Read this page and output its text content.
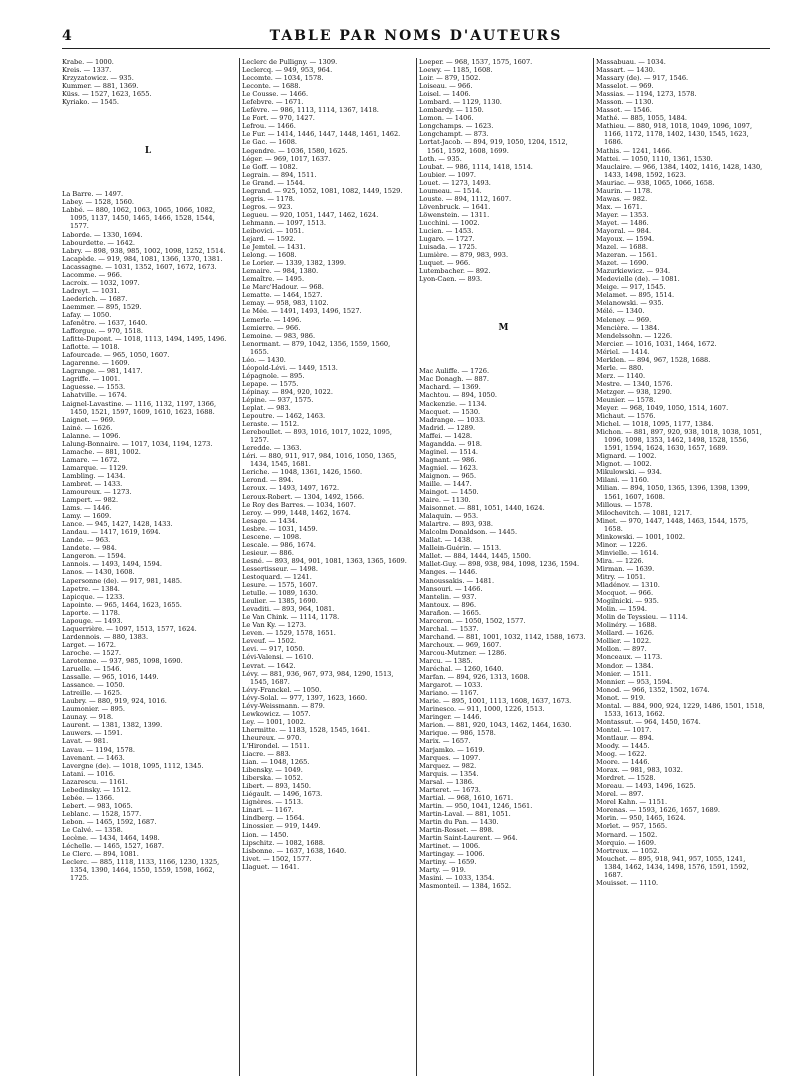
4	TABLE PAR NOMS D'AUTEURS

Krabe. — 1000.

Kreis. — 1337.

Krzyzatowicz. — 935.

Kummer. — 881, 1369.

Küss. — 1527, 1623, 1655.

Kyriako. — 1545.

L

La Barre. — 1497.

Labey. — 1528, 1560.

Labbé. — 880, 1062, 1063, 1065, 1066, 1082, 1095, 1137, 1450, 1465, 1466, 1528, 1544, 1577.

Laborde. — 1330, 1694.

Labourdette. — 1642.

Labry. — 898, 938, 985, 1002, 1098, 1252, 1514.

Lacapède. — 919, 984, 1081, 1366, 1370, 1381.

Lacassagne. — 1031, 1352, 1607, 1672, 1673.

Lacomme. — 966.

Lacroix. — 1032, 1097.

Ladreyt. — 1031.

Laederich. — 1687.

Laemmer. — 895, 1529.

Lafay. — 1050.

Lafenêtre. — 1637, 1640.

Lafforgue. — 970, 1518.

Lafitte-Dupont. — 1018, 1113, 1494, 1495, 1496.

Laflotte. — 1018.

Lafourcade. — 965, 1050, 1607.

Lagarenne. — 1609.

Lagrange. — 981, 1417.

Lagriffe. — 1001.

Laguesse. — 1553.

Lahatville. — 1674.

Laignel-Lavastine. — 1116, 1132, 1197, 1366, 1450, 1521, 1597, 1609, 1610, 1623, 1688.

Laignet. — 969.

Lainé. — 1626.

Lalanne. — 1096.

Lalung-Bonnaire. — 1017, 1034, 1194, 1273.

Lamache. — 881, 1002.

Lamare. — 1672.

Lamarque. — 1129.

Lambling. — 1434.

Lambret. — 1433.

Lamoureux. — 1273.

Lampert. — 982.

Lams. — 1446.

Lamy. — 1609.

Lance. — 945, 1427, 1428, 1433.

Landau. — 1417, 1619, 1694.

Lande. — 963.

Landete. — 984.

Langeron. — 1594.

Lannois. — 1493, 1494, 1594.

Lanos. — 1430, 1608.

Lapersonne (de). — 917, 981, 1485.

Lapetre. — 1384.

Lapicque. — 1233.

Lapointe. — 965, 1464, 1623, 1655.

Laporte. — 1178.

Lapouge. — 1493.

Laquerrière. — 1097, 1513, 1577, 1624.

Lardennois. — 880, 1383.

Larget. — 1672.

Laroche. — 1527.

Larotenne. — 937, 985, 1098, 1690.

Laruelle. — 1546.

Lassalle. — 965, 1016, 1449.

Lassance. — 1050.

Latreille. — 1625.

Laubry. — 880, 919, 924, 1016.

Laumonier. — 895.

Launay. — 918.

Laurent. — 1381, 1382, 1399.

Lauwers. — 1591.

Lavat. — 981.

Lavau. — 1194, 1578.

Lavenant. — 1463.

Lavergne (de). — 1018, 1095, 1112, 1345.

Latani. — 1016.

Lazarescu. — 1161.

Lebedinsky. — 1512.

Lebée. — 1366.

Lebert. — 983, 1065.

Leblanc. — 1528, 1577.

Lebon. — 1465, 1592, 1687.

Le Calvé. — 1358.

Lecène. — 1434, 1464, 1498.

Léchelle. — 1465, 1527, 1687.

Le Clerc. — 894, 1081.

Leclerc. — 885, 1118, 1133, 1166, 1230, 1325, 1354, 1390, 1464, 1550, 1559, 1598, 1662, 1725.

Leclerc de Pulligny. — 1309.

Leclercq. — 949, 953, 964.

Lecomte. — 1034, 1578.

Leconte. — 1688.

Le Cousse. — 1466.

Lefebvre. — 1671.

Lefèvre. — 986, 1113, 1114, 1367, 1418.

Le Fort. — 970, 1427.

Lefrou. — 1466.

Le Fur. — 1414, 1446, 1447, 1448, 1461, 1462.

Le Gac. — 1608.

Legendre. — 1036, 1580, 1625.

Léger. — 969, 1017, 1637.

Le Goff. — 1082.

Legrain. — 894, 1511.

Le Grand. — 1544.

Legrand. — 925, 1052, 1081, 1082, 1449, 1529.

Legris. — 1178.

Legros. — 923.

Legueu. — 920, 1051, 1447, 1462, 1624.

Lehmann. — 1097, 1513.

Leibovici. — 1051.

Lejard. — 1592.

Le Jemtel. — 1431.

Lelong. — 1608.

Le Lorier. — 1339, 1382, 1399.

Lemaire. — 984, 1380.

Lemaître. — 1495.

Le Marc'Hadour. — 968.

Lematte. — 1464, 1527.

Lemay. — 958, 983, 1102.

Le Mée. — 1491, 1493, 1496, 1527.

Lemerle. — 1496.

Lemierre. — 966.

Lemoine. — 983, 986.

Lenormant. — 879, 1042, 1356, 1559, 1560, 1655.

Léo. — 1430.

Léopold-Lévi. — 1449, 1513.

Lépagnole. — 895.

Lepape. — 1575.

Lépinay. — 894, 920, 1022.

Lépine. — 937, 1575.

Leplat. — 983.

Lepoutre. — 1462, 1463.

Leraste. — 1512.

Lereboullet. — 893, 1016, 1017, 1022, 1095, 1257.

Leredde. — 1363.

Léri. — 880, 911, 917, 984, 1016, 1050, 1365, 1434, 1545, 1681.

Leriche. — 1048, 1361, 1426, 1560.

Lerond. — 894.

Leroux. — 1493, 1497, 1672.

Leroux-Robert. — 1304, 1492, 1566.

Le Roy des Barres. — 1034, 1607.

Leroy. — 999, 1448, 1462, 1674.

Lesage. — 1434.

Lesbre. — 1031, 1459.

Lescene. — 1098.

Lescale. — 986, 1674.

Lesieur. — 886.

Lesné. — 893, 894, 901, 1081, 1363, 1365, 1609.

Lessertisseur. — 1498.

Lestoquard. — 1241.

Lesure. — 1575, 1607.

Letulle. — 1089, 1630.

Leulier. — 1385, 1690.

Levaditi. — 893, 964, 1081.

Le Van Chink. — 1114, 1178.

Le Van Ky. — 1273.

Leven. — 1529, 1578, 1651.

Leveuf. — 1502.

Levi. — 917, 1050.

Lévi-Valensi. — 1610.

Levrat. — 1642.

Lévy. — 881, 936, 967, 973, 984, 1290, 1513, 1545, 1687.

Lévy-Franckel. — 1050.

Lévy-Solal. — 977, 1397, 1623, 1660.

Lévy-Weissmann. — 879.

Lewkowicz. — 1057.

Ley. — 1001, 1002.

Lhermitte. — 1183, 1528, 1545, 1641.

Lheureux. — 970.

L'Hirondel. — 1511.

Liacre. — 883.

Lian. — 1048, 1265.

Libensky. — 1049.

Liberska. — 1052.

Libert. — 893, 1450.

Liégault. — 1496, 1673.

Lignères. — 1513.

Linari. — 1167.

Lindberg. — 1564.

Linossier. — 919, 1449.

Lion. — 1450.

Lipschitz. — 1082, 1688.

Lisbonne. — 1637, 1638, 1640.

Livet. — 1502, 1577.

Llaguet. — 1641.

Loeper. — 968, 1537, 1575, 1607.

Loewy. — 1185, 1608.

Loir. — 879, 1502.

Loiseau. — 966.

Loisel. — 1406.

Lombard. — 1129, 1130.

Lombardy. — 1150.

Lomon. — 1406.

Longchamps. — 1623.

Longchampt. — 873.

Lortat-Jacob. — 894, 919, 1050, 1204, 1512, 1561, 1592, 1608, 1699.

Loth. — 935.

Loubat. — 986, 1114, 1418, 1514.

Loubier. — 1097.

Louet. — 1273, 1493.

Loumeau. — 1514.

Louste. — 894, 1112, 1607.

Lövenbruck. — 1641.

Löwenstein. — 1311.

Lucchini. — 1002.

Lucien. — 1453.

Lugaro. — 1727.

Luisada. — 1725.

Lumière. — 879, 983, 993.

Luquet. — 966.

Lutembacher. — 892.

Lyon-Caen. — 893.

M

Mac Auliffe. — 1726.

Mac Donagh. — 887.

Machard. — 1369.

Machtou. — 894, 1050.

Mackenzie. — 1134.

Macquet. — 1530.

Madrange. — 1033.

Madrid. — 1289.

Maffei. — 1428.

Magandda. — 918.

Maginel. — 1514.

Magnant. — 986.

Magniel. — 1623.

Maignon. — 965.

Maille. — 1447.

Maingot. — 1450.

Maire. — 1130.

Maisonnet. — 881, 1051, 1440, 1624.

Malaquin. — 953.

Malartre. — 893, 938.

Malcolm Donaldson. — 1445.

Mallat. — 1438.

Mallein-Guérin. — 1513.

Mallet. — 884, 1444, 1445, 1500.

Mallet-Guy. — 898, 938, 984, 1098, 1236, 1594.

Manges. — 1446.

Manoussakis. — 1481.

Mansouri. — 1466.

Mantelin. — 937.

Mantoux. — 896.

Marañon. — 1665.

Marceron. — 1050, 1502, 1577.

Marchal. — 1537.

Marchand. — 881, 1001, 1032, 1142, 1588, 1673.

Marchoux. — 969, 1607.

Marcou-Mutzner. — 1286.

Marcu. — 1385.

Maréchal. — 1260, 1640.

Marfan. — 894, 926, 1313, 1608.

Margarot. — 1033.

Mariano. — 1167.

Marie. — 895, 1001, 1113, 1608, 1637, 1673.

Marinesco. — 911, 1000, 1226, 1513.

Maringer. — 1446.

Marion. — 881, 920, 1043, 1462, 1464, 1630.

Marique. — 986, 1578.

Marix. — 1657.

Marjamko. — 1619.

Marques. — 1097.

Marquez. — 982.

Marquis. — 1354.

Marsal. — 1386.

Marteret. — 1673.

Martial. — 968, 1610, 1671.

Martin. — 950, 1041, 1246, 1561.

Martin-Laval. — 881, 1051.

Martin du Pan. — 1430.

Martin-Rosset. — 898.

Martin Saint-Laurent. — 964.

Martinet. — 1006.

Martingay. — 1006.

Martiny. — 1659.

Marty. — 919.

Masini. — 1033, 1354.

Masmonteil. — 1384, 1652.

Massabuau. — 1034.

Massart. — 1430.

Massary (de). — 917, 1546.

Masselot. — 969.

Massias. — 1194, 1273, 1578.

Masson. — 1130.

Massot. — 1546.

Mathé. — 885, 1055, 1484.

Mathieu. — 880, 918, 1018, 1049, 1096, 1097, 1166, 1172, 1178, 1402, 1430, 1545, 1623, 1686.

Mathis. — 1241, 1466.

Mattei. — 1050, 1110, 1361, 1530.

Mauclaire. — 966, 1384, 1402, 1416, 1428, 1430, 1433, 1498, 1592, 1623.

Mauriac. — 938, 1065, 1066, 1658.

Maurin. — 1178.

Mawas. — 982.

Max. — 1671.

Mayer. — 1353.

Mayet. — 1486.

Mayoral. — 984.

Mayoux. — 1594.

Mazel. — 1688.

Mazeran. — 1561.

Mazet. — 1690.

Mazurkiewicz. — 934.

Medevielle (de). — 1081.

Meige. — 917, 1545.

Melamet. — 895, 1514.

Melanowski. — 935.

Mélé. — 1340.

Meleney. — 969.

Mencière. — 1384.

Mendelssohn. — 1226.

Mercier. — 1016, 1031, 1464, 1672.

Mériel. — 1414.

Merklen. — 894, 967, 1528, 1688.

Merle. — 880.

Merz. — 1140.

Mestre. — 1340, 1576.

Metzger. — 938, 1290.

Meunier. — 1578.

Meyer. — 968, 1049, 1050, 1514, 1607.

Michaut. — 1576.

Michel. — 1018, 1095, 1177, 1384.

Michon. — 881, 897, 920, 938, 1018, 1038, 1051, 1096, 1098, 1353, 1462, 1498, 1528, 1556, 1591, 1594, 1624, 1630, 1657, 1689.

Mignard. — 1002.

Mignot. — 1002.

Mikulowski. — 934.

Milani. — 1160.

Milian. — 894, 1050, 1365, 1396, 1398, 1399, 1561, 1607, 1608.

Millous. — 1578.

Milochevitch. — 1081, 1217.

Minet. — 970, 1447, 1448, 1463, 1544, 1575, 1658.

Minkowski. — 1001, 1002.

Minor. — 1226.

Minvielle. — 1614.

Mira. — 1226.

Mirman. — 1639.

Mitry. — 1051.

Mladénov. — 1310.

Mocquot. — 966.

Mogilnicki. — 935.

Molin. — 1594.

Molin de Teyssieu. — 1114.

Molinéry. — 1688.

Mollard. — 1626.

Mollier. — 1022.

Mollon. — 897.

Monceaux. — 1173.

Mondor. — 1384.

Monier. — 1511.

Monnier. — 953, 1594.

Monod. — 966, 1352, 1502, 1674.

Monot. — 919.

Montal. — 884, 900, 924, 1229, 1486, 1501, 1518, 1533, 1613, 1662.

Montassut. — 964, 1450, 1674.

Montel. — 1017.

Montlaur. — 894.

Moody. — 1445.

Moog. — 1622.

Moore. — 1446.

Morax. — 981, 983, 1032.

Mordret. — 1528.

Moreau. — 1493, 1496, 1625.

Morel. — 897.

Morel Kahn. — 1151.

Morenas. — 1593, 1626, 1657, 1689.

Morin. — 950, 1465, 1624.

Morlet. — 957, 1565.

Mornard. — 1502.

Morquio. — 1609.

Mortreux. — 1052.

Mouchet. — 895, 918, 941, 957, 1055, 1241, 1384, 1462, 1434, 1498, 1576, 1591, 1592, 1687.

Mouisset. — 1110.
